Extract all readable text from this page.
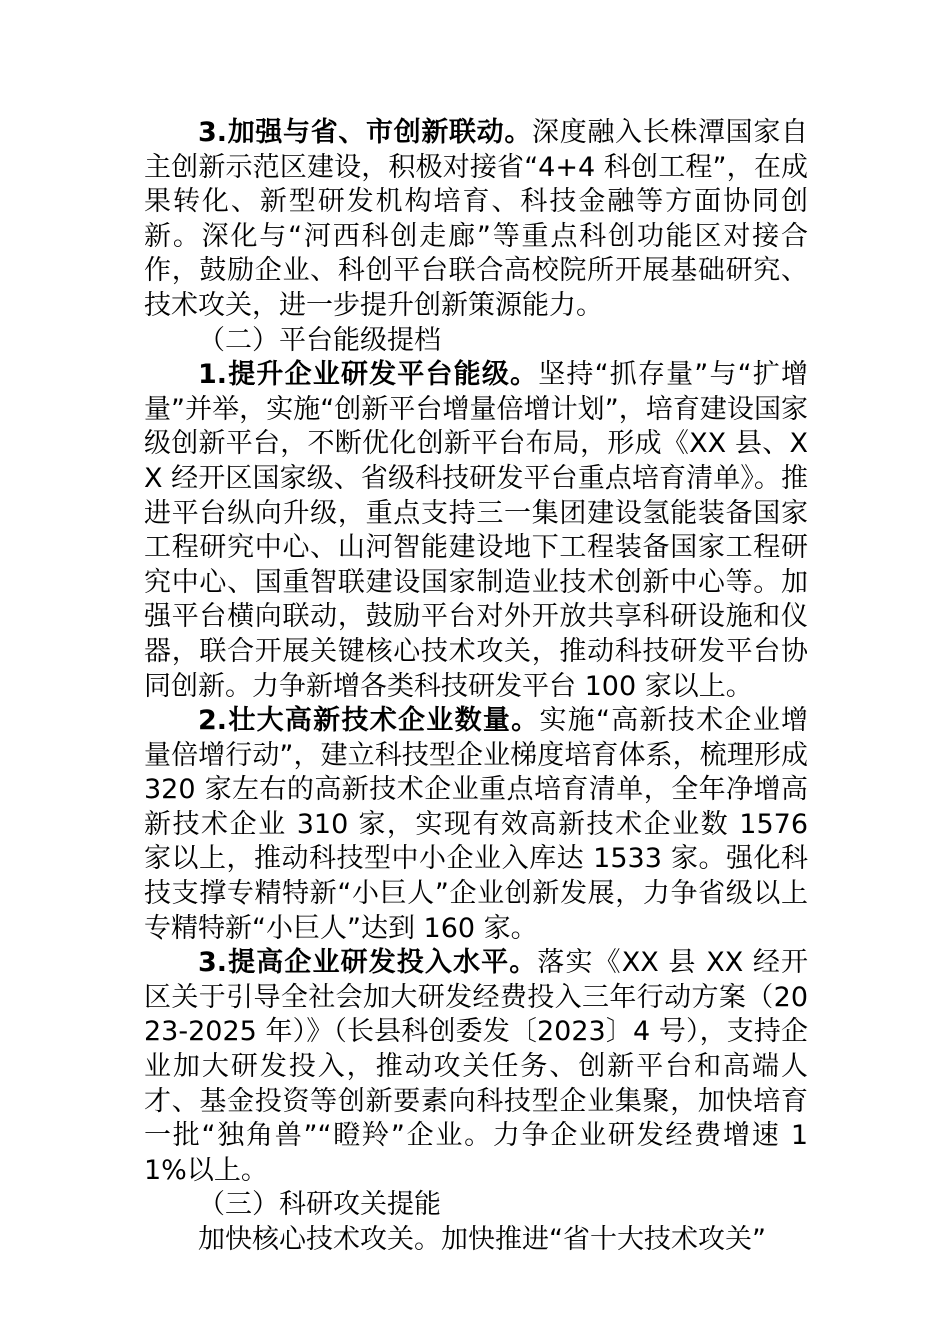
3.加强与省、市创新联动。深度融入长株潭国家自主创新示范区建设，积极对接省“4+4 科创工程”，在成果转化、新型研发机构培育、科技金融等方面协同创新。深化与“河西科创走廊”等重点科创功能区对接合作，鼓励企业、科创平台联合高校院所开展基础研究、技术攻关，进一步提升创新策源能力。

（二）平台能级提档

1.提升企业研发平台能级。坚持“抓存量”与“扩增量”并举，实施“创新平台增量倍增计划”，培育建设国家级创新平台，不断优化创新平台布局，形成《XX 县、XX 经开区国家级、省级科技研发平台重点培育清单》。推进平台纵向升级，重点支持三一集团建设氢能装备国家工程研究中心、山河智能建设地下工程装备国家工程研究中心、国重智联建设国家制造业技术创新中心等。加强平台横向联动，鼓励平台对外开放共享科研设施和仪器，联合开展关键核心技术攻关，推动科技研发平台协同创新。力争新增各类科技研发平台 100 家以上。

2.壮大高新技术企业数量。实施“高新技术企业增量倍增行动”，建立科技型企业梯度培育体系，梳理形成 320 家左右的高新技术企业重点培育清单，全年净增高新技术企业 310 家，实现有效高新技术企业数 1576 家以上，推动科技型中小企业入库达 1533 家。强化科技支撑专精特新“小巨人”企业创新发展，力争省级以上专精特新“小巨人”达到 160 家。

3.提高企业研发投入水平。落实《XX 县 XX 经开区关于引导全社会加大研发经费投入三年行动方案（2023-2025 年）》（长县科创委发〔2023〕4 号），支持企业加大研发投入，推动攻关任务、创新平台和高端人才、基金投资等创新要素向科技型企业集聚，加快培育一批“独角兽”“瞪羚”企业。力争企业研发经费增速 11%以上。

（三）科研攻关提能

加快核心技术攻关。加快推进“省十大技术攻关”
